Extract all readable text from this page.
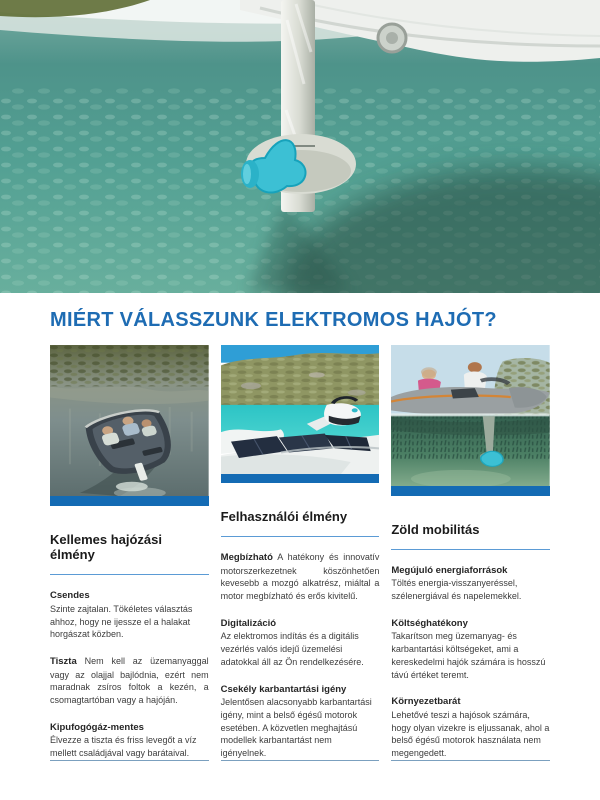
MIÉRT VÁLASSZUNK ELEKTROMOS HAJÓT?
Kellemes hajózási élmény
Csendes
Szinte zajtalan. Tökéletes választás ahhoz, hogy ne ijessze el a halakat horgászat közben.
Tiszta Nem kell az üzemanyaggal vagy az olajjal bajlódnia, ezért nem maradnak zsíros foltok a kezén, a csomagtartóban vagy a hajóján.
Kipufogógáz-mentes
Élvezze a tiszta és friss levegőt a víz mellett családjával vagy barátaival.
Felhasználói élmény
Megbízható A hatékony és innovatív motorszerkezetnek köszönhetően kevesebb a mozgó alkatrész, miáltal a motor megbízható és erős kivitelű.
Digitalizáció
Az elektromos indítás és a digitális vezérlés valós idejű üzemelési adatokkal áll az Ön rendelkezésére.
Csekély karbantartási igény
Jelentősen alacsonyabb karbantartási igény, mint a belső égésű motorok esetében. A közvetlen meghajtású modellek karbantartást nem igényelnek.
Zöld mobilitás
Megújuló energiaforrások
Töltés energia-visszanyeréssel, szélenergiával és napelemekkel.
Költséghatékony
Takarítson meg üzemanyag- és karbantartási költségeket, ami a kereskedelmi hajók számára is hosszú távú értéket teremt.
Környezetbarát
Lehetővé teszi a hajósok számára, hogy olyan vizekre is eljussanak, ahol a belső égésű motorok használata nem megengedett.
